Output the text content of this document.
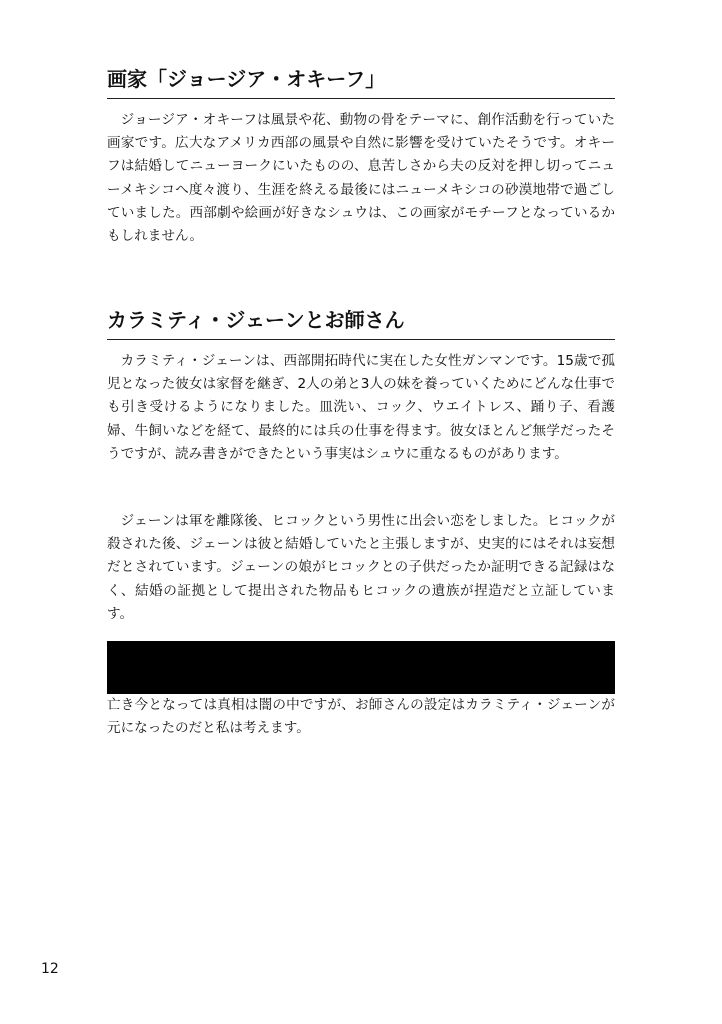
画家「ジョージア・オキーフ」

ジョージア・オキーフは風景や花、動物の骨をテーマに、創作活動を行っていた画家です。広大なアメリカ西部の風景や自然に影響を受けていたそうです。オキーフは結婚してニューヨークにいたものの、息苦しさから夫の反対を押し切ってニューメキシコへ度々渡り、生涯を終える最後にはニューメキシコの砂漠地帯で過ごしていました。西部劇や絵画が好きなシュウは、この画家がモチーフとなっているかもしれません。

カラミティ・ジェーンとお師さん

カラミティ・ジェーンは、西部開拓時代に実在した女性ガンマンです。15歳で孤児となった彼女は家督を継ぎ、2人の弟と3人の妹を養っていくためにどんな仕事でも引き受けるようになりました。皿洗い、コック、ウエイトレス、踊り子、看護婦、牛飼いなどを経て、最終的には兵の仕事を得ます。彼女ほとんど無学だったそうですが、読み書きができたという事実はシュウに重なるものがあります。

ジェーンは軍を離隊後、ヒコックという男性に出会い恋をしました。ヒコックが殺された後、ジェーンは彼と結婚していたと主張しますが、史実的にはそれは妄想だとされています。ジェーンの娘がヒコックとの子供だったか証明できる記録はなく、結婚の証拠として提出された物品もヒコックの遺族が捏造だと立証しています。

亡き今となっては真相は闇の中ですが、お師さんの設定はカラミティ・ジェーンが元になったのだと私は考えます。

12
